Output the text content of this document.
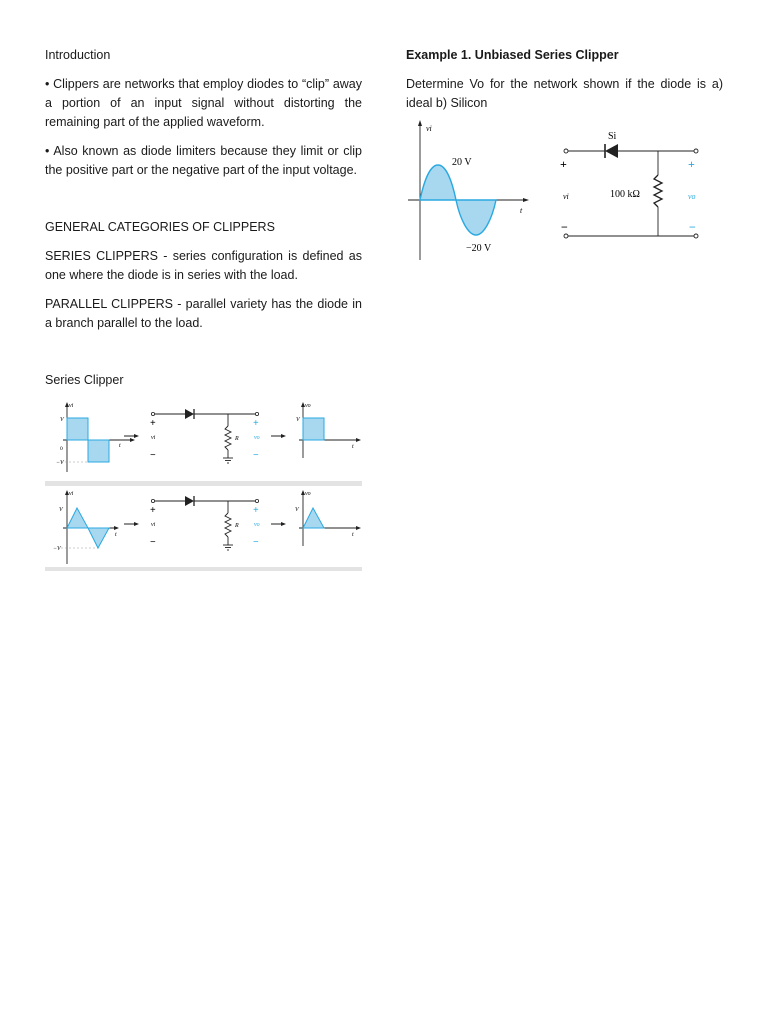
Introduction

• Clippers are networks that employ diodes to “clip” away a portion of an input signal without distorting the remaining part of the applied waveform.

• Also known as diode limiters because they limit or clip the positive part or the negative part of the input voltage.

GENERAL CATEGORIES OF CLIPPERS

SERIES CLIPPERS - series configuration is defined as one where the diode is in series with the load.

PARALLEL CLIPPERS - parallel variety has the diode in a branch parallel to the load.

Series Clipper

vi
V
0
−V
t
+
vi
−
R
+
vo
−
vo
V
t
vi
V
−V
t
+
vi
−
R
+
vo
−
vo
V
t

Example 1. Unbiased Series Clipper

Determine Vo for the network shown if the diode is a) ideal b) Silicon

vi
20 V
−20 V
t
Si
100 kΩ
+
vi
−
+
vo
−
